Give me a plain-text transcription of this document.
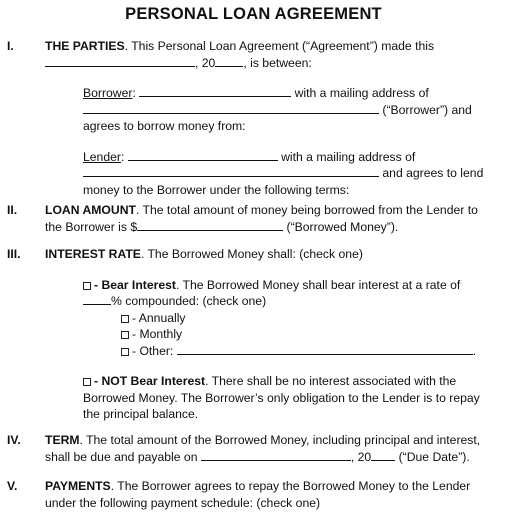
PERSONAL LOAN AGREEMENT
I.	THE PARTIES. This Personal Loan Agreement (“Agreement”) made this
, 20 , is between:
Borrower:	with a mailing address of
(“Borrower”) and
agrees to borrow money from:
Lender:	with a mailing address of
and agrees to lend
money to the Borrower under the following terms:
II. LOAN AMOUNT. The total amount of money being borrowed from the Lender to
the Borrower is $	(“Borrowed Money”).
III. INTEREST RATE. The Borrowed Money shall: (check one)
- Bear Interest. The Borrowed Money shall bear interest at a rate of
% compounded: (check one)
- Annually
- Monthly
- Other:	.
- NOT Bear Interest. There shall be no interest associated with the
Borrowed Money. The Borrower’s only obligation to the Lender is to repay
the principal balance.
IV. TERM. The total amount of the Borrowed Money, including principal and interest,
shall be due and payable on	, 20 (“Due Date”).
V. PAYMENTS. The Borrower agrees to repay the Borrowed Money to the Lender
under the following payment schedule: (check one)
